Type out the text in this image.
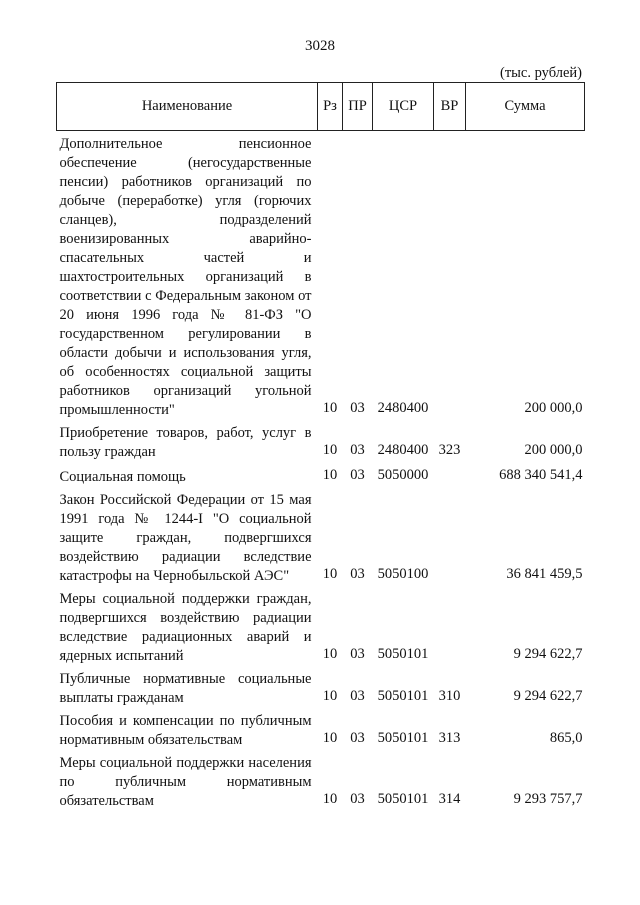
3028
(тыс. рублей)
Наименование	Рз	ПР	ЦСР	ВР	Сумма
Дополнительное пенсионное обеспечение (негосударственные пенсии) работников организаций по добыче (переработке) угля (горючих сланцев), подразделений военизированных аварийно-спасательных частей и шахтостроительных организаций в соответствии с Федеральным законом от 20 июня 1996 года № 81-ФЗ "О государственном регулировании в области добычи и использования угля, об особенностях социальной защиты работников организаций угольной промышленности"	10	03	2480400		200 000,0
Приобретение товаров, работ, услуг в пользу граждан	10	03	2480400	323	200 000,0
Социальная помощь	10	03	5050000		688 340 541,4
Закон Российской Федерации от 15 мая 1991 года № 1244-I "О социальной защите граждан, подвергшихся воздействию радиации вследствие катастрофы на Чернобыльской АЭС"	10	03	5050100		36 841 459,5
Меры социальной поддержки граждан, подвергшихся воздействию радиации вследствие радиационных аварий и ядерных испытаний	10	03	5050101		9 294 622,7
Публичные нормативные социальные выплаты гражданам	10	03	5050101	310	9 294 622,7
Пособия и компенсации по публичным нормативным обязательствам	10	03	5050101	313	865,0
Меры социальной поддержки населения по публичным нормативным обязательствам	10	03	5050101	314	9 293 757,7
